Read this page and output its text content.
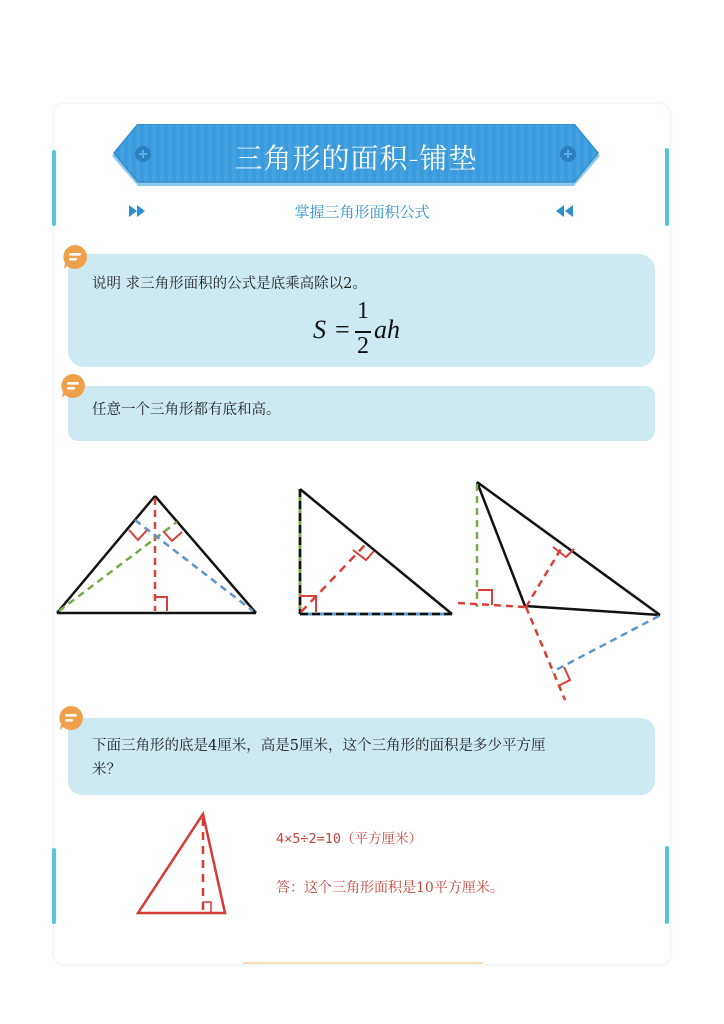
三角形的面积-铺垫
掌握三角形面积公式
说明 求三角形面积的公式是底乘高除以2。
S =
1
2
ah
任意一个三角形都有底和高。
下面三角形的底是4厘米，高是5厘米，这个三角形的面积是多少平方厘
米？
4×5÷2=10（平方厘米）
答：这个三角形面积是10平方厘米。
